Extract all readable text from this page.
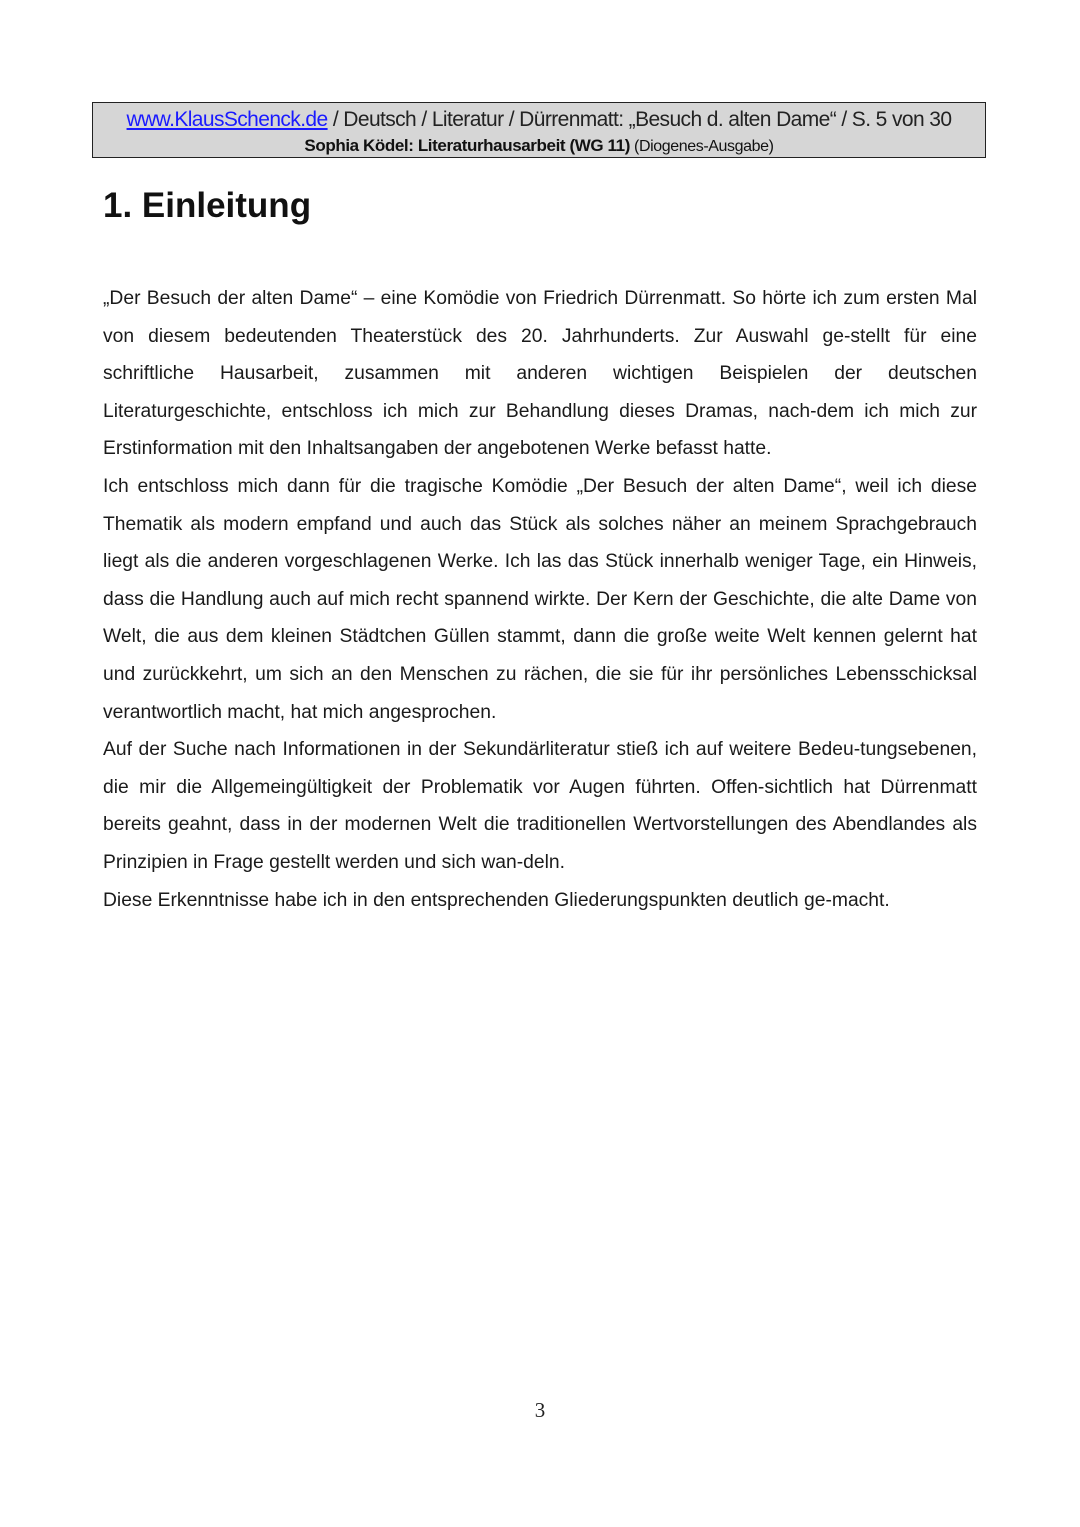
www.KlausSchenck.de / Deutsch / Literatur / Dürrenmatt: „Besuch d. alten Dame“ / S. 5 von 30
Sophia Ködel: Literaturhausarbeit (WG 11) (Diogenes-Ausgabe)
1. Einleitung

„Der Besuch der alten Dame“ – eine Komödie von Friedrich Dürrenmatt. So hörte ich zum ersten Mal von diesem bedeutenden Theaterstück des 20. Jahrhunderts. Zur Auswahl ge-stellt für eine schriftliche Hausarbeit, zusammen mit anderen wichtigen Beispielen der deutschen Literaturgeschichte, entschloss ich mich zur Behandlung dieses Dramas, nach-dem ich mich zur Erstinformation mit den Inhaltsangaben der angebotenen Werke befasst hatte.

Ich entschloss mich dann für die tragische Komödie „Der Besuch der alten Dame“, weil ich diese Thematik als modern empfand und auch das Stück als solches näher an meinem Sprachgebrauch liegt als die anderen vorgeschlagenen Werke. Ich las das Stück innerhalb weniger Tage, ein Hinweis, dass die Handlung auch auf mich recht spannend wirkte. Der Kern der Geschichte, die alte Dame von Welt, die aus dem kleinen Städtchen Güllen stammt, dann die große weite Welt kennen gelernt hat und zurückkehrt, um sich an den Menschen zu rächen, die sie für ihr persönliches Lebensschicksal verantwortlich macht, hat mich angesprochen.

Auf der Suche nach Informationen in der Sekundärliteratur stieß ich auf weitere Bedeu-tungsebenen, die mir die Allgemeingültigkeit der Problematik vor Augen führten. Offen-sichtlich hat Dürrenmatt bereits geahnt, dass in der modernen Welt die traditionellen Wertvorstellungen des Abendlandes als Prinzipien in Frage gestellt werden und sich wan-deln.

Diese Erkenntnisse habe ich in den entsprechenden Gliederungspunkten deutlich ge-macht.

3
